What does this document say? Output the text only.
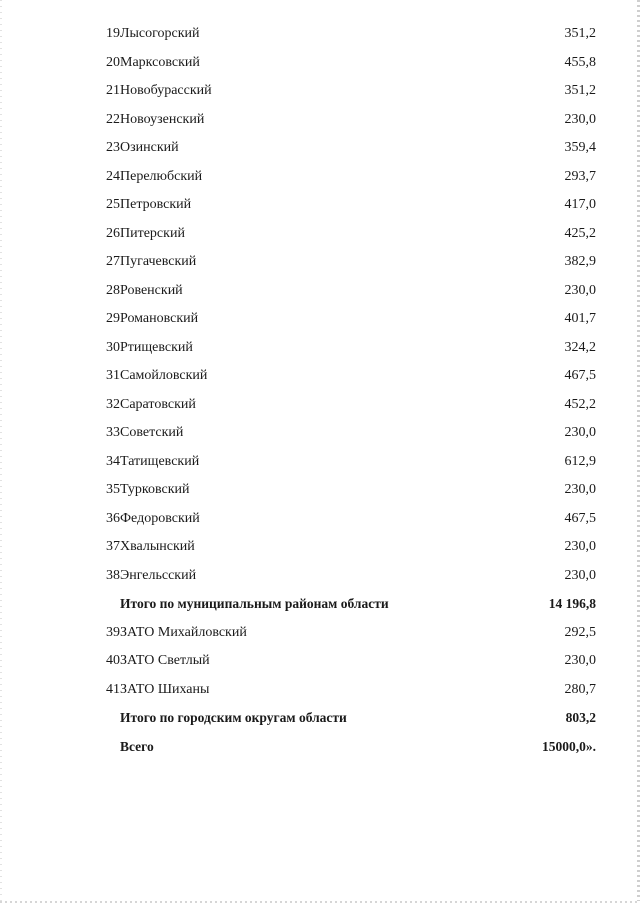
19	Лысогорский	351,2
20	Марксовский	455,8
21	Новобурасский	351,2
22	Новоузенский	230,0
23	Озинский	359,4
24	Перелюбский	293,7
25	Петровский	417,0
26	Питерский	425,2
27	Пугачевский	382,9
28	Ровенский	230,0
29	Романовский	401,7
30	Ртищевский	324,2
31	Самойловский	467,5
32	Саратовский	452,2
33	Советский	230,0
34	Татищевский	612,9
35	Турковский	230,0
36	Федоровский	467,5
37	Хвалынский	230,0
38	Энгельсский	230,0
	Итого по муниципальным районам области	14 196,8
39	ЗАТО Михайловский	292,5
40	ЗАТО Светлый	230,0
41	ЗАТО Шиханы	280,7
	Итого по городским округам области	803,2
	Всего	15000,0».
